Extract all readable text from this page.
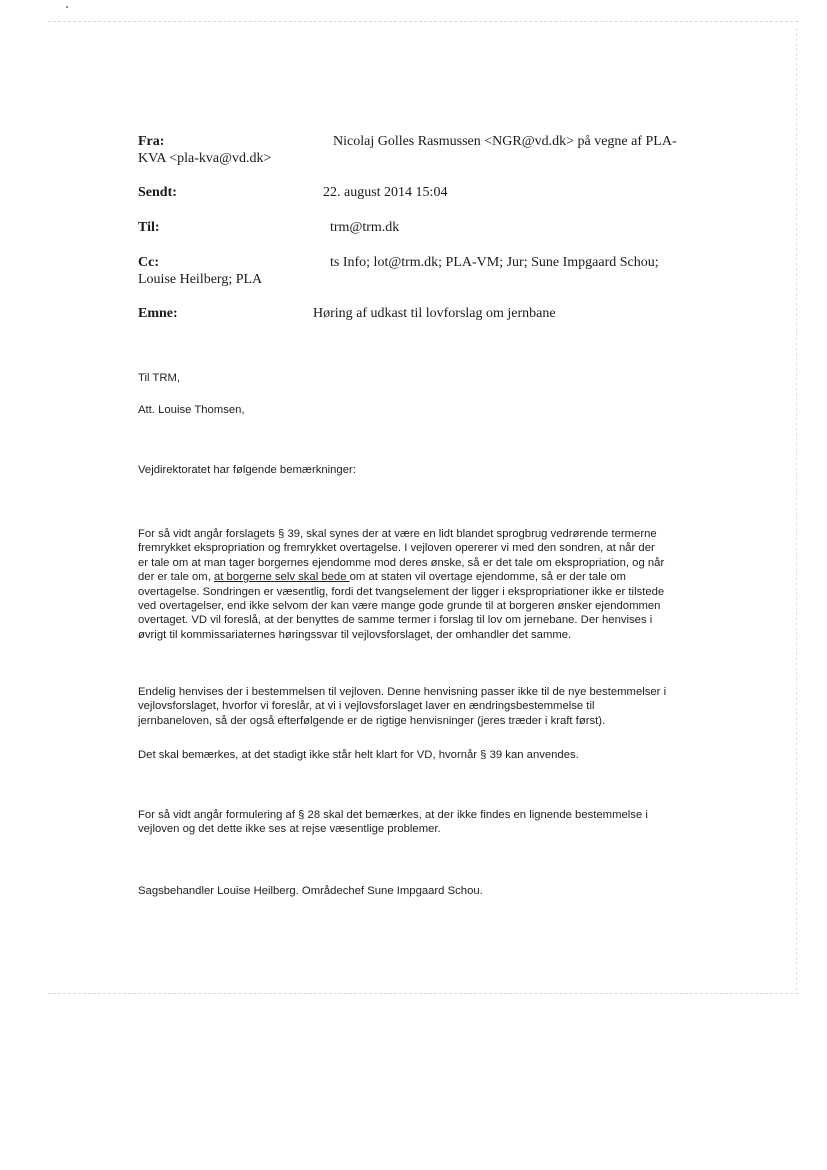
Fra:	Nicolaj Golles Rasmussen <NGR@vd.dk> på vegne af PLA-
KVA <pla-kva@vd.dk>
Sendt:	22. august 2014 15:04
Til:	trm@trm.dk
Cc:	ts Info; lot@trm.dk; PLA-VM; Jur; Sune Impgaard Schou;
Louise Heilberg; PLA
Emne:	Høring af udkast til lovforslag om jernbane
Til TRM,
Att. Louise Thomsen,
Vejdirektoratet har følgende bemærkninger:
For så vidt angår forslagets § 39, skal synes der at være en lidt blandet sprogbrug vedrørende termerne
fremrykket ekspropriation og fremrykket overtagelse. I vejloven opererer vi med den sondren, at når der
er tale om at man tager borgernes ejendomme mod deres ønske, så er det tale om ekspropriation, og når
der er tale om, at borgerne selv skal bede om at staten vil overtage ejendomme, så er der tale om
overtagelse. Sondringen er væsentlig, fordi det tvangselement der ligger i ekspropriationer ikke er tilstede
ved overtagelser, end ikke selvom der kan være mange gode grunde til at borgeren ønsker ejendommen
overtaget. VD vil foreslå, at der benyttes de samme termer i forslag til lov om jernebane. Der henvises i
øvrigt til kommissariaternes høringssvar til vejlovsforslaget, der omhandler det samme.
Endelig henvises der i bestemmelsen til vejloven. Denne henvisning passer ikke til de nye bestemmelser i
vejlovsforslaget, hvorfor vi foreslår, at vi i vejlovsforslaget laver en ændringsbestemmelse til
jernbaneloven, så der også efterfølgende er de rigtige henvisninger (jeres træder i kraft først).
Det skal bemærkes, at det stadigt ikke står helt klart for VD, hvornår § 39 kan anvendes.
For så vidt angår formulering af § 28 skal det bemærkes, at der ikke findes en lignende bestemmelse i
vejloven og det dette ikke ses at rejse væsentlige problemer.
Sagsbehandler Louise Heilberg. Områdechef Sune Impgaard Schou.
